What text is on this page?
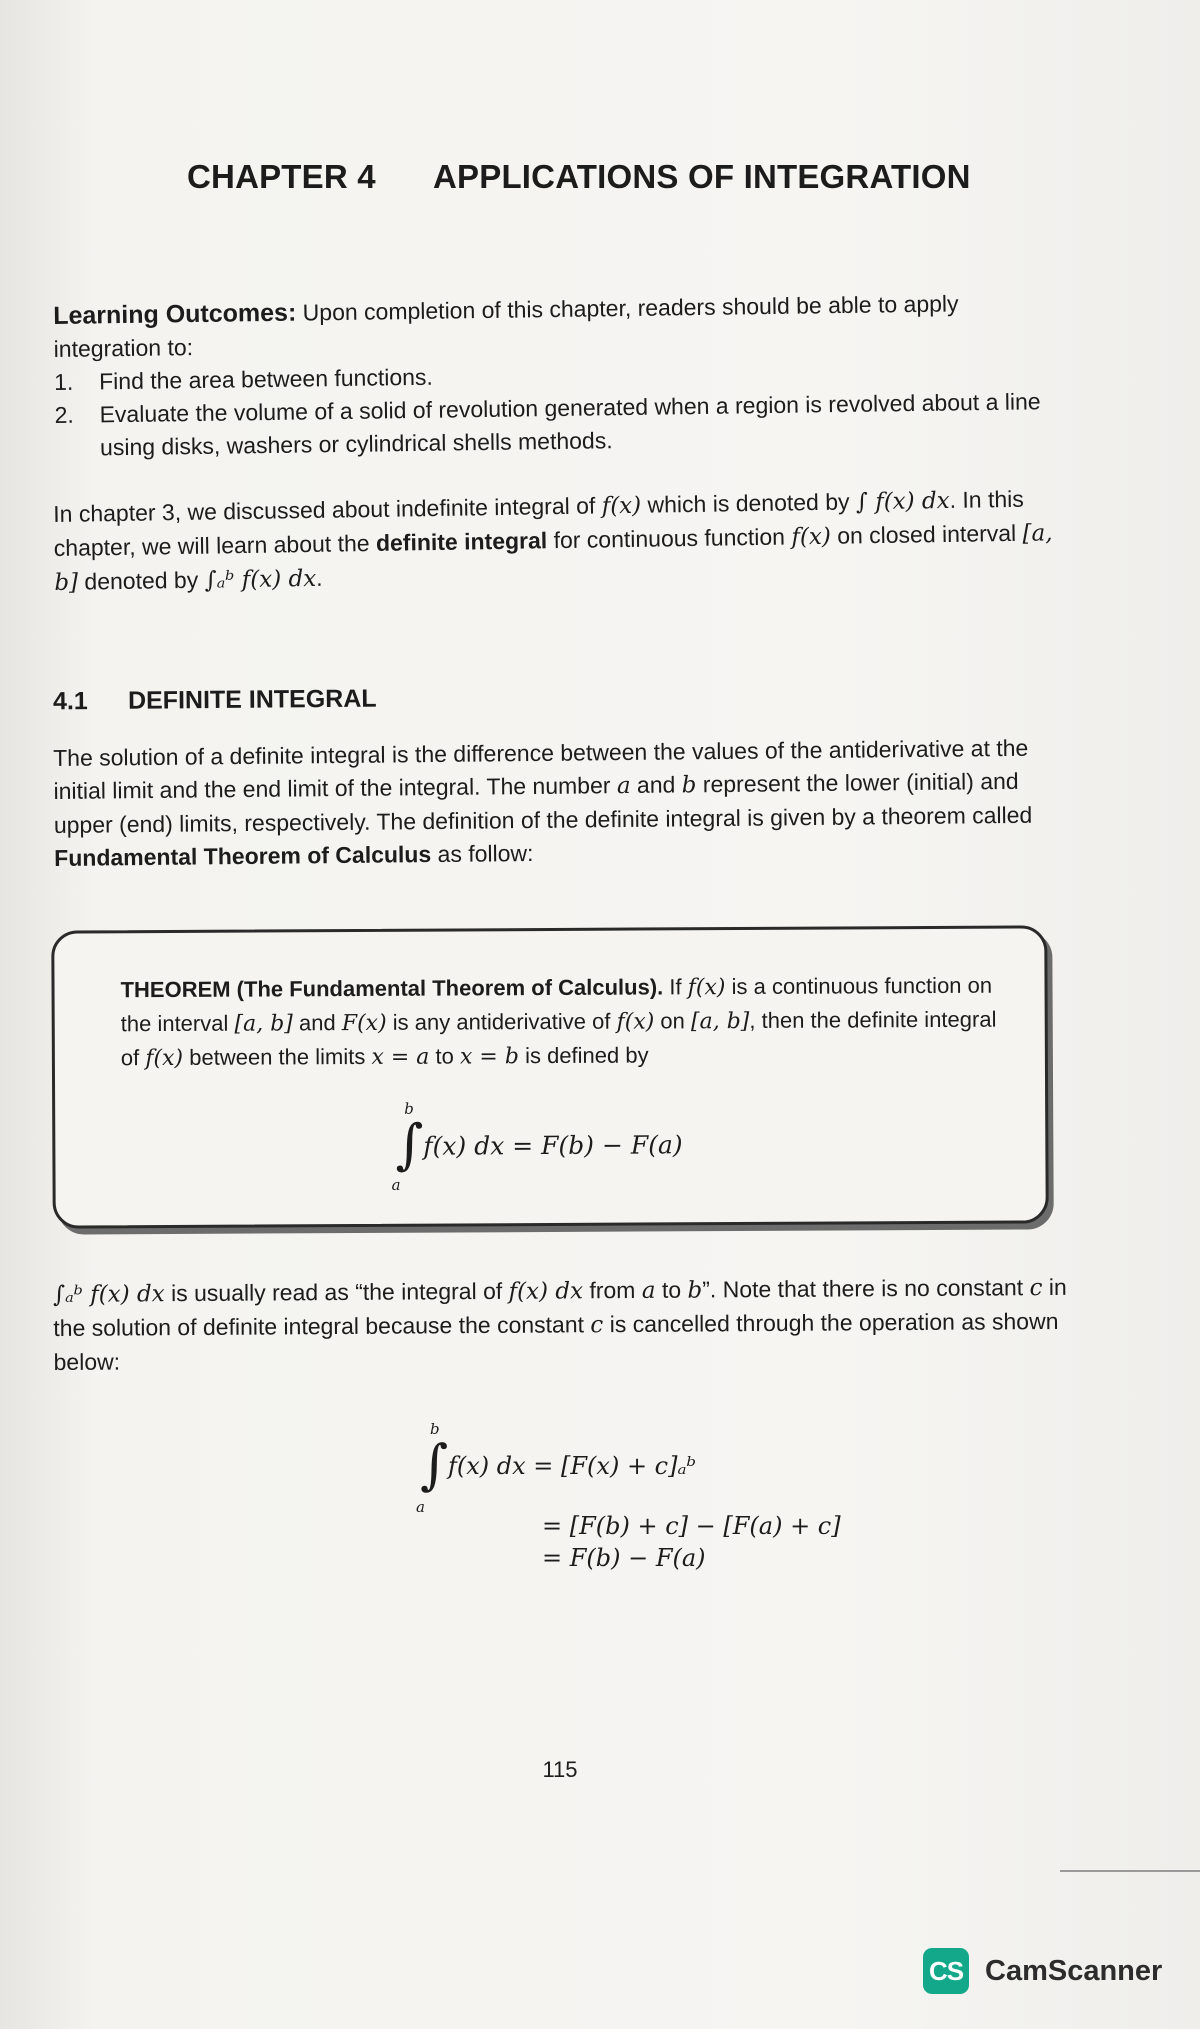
CHAPTER 4 APPLICATIONS OF INTEGRATION
Learning Outcomes: Upon completion of this chapter, readers should be able to apply integration to:
1.	Find the area between functions.
2.	Evaluate the volume of a solid of revolution generated when a region is revolved about a line using disks, washers or cylindrical shells methods.
In chapter 3, we discussed about indefinite integral of f(x) which is denoted by ∫ f(x) dx. In this chapter, we will learn about the definite integral for continuous function f(x) on closed interval [a, b] denoted by ∫ₐᵇ f(x) dx.
4.1 DEFINITE INTEGRAL
The solution of a definite integral is the difference between the values of the antiderivative at the initial limit and the end limit of the integral. The number a and b represent the lower (initial) and upper (end) limits, respectively. The definition of the definite integral is given by a theorem called Fundamental Theorem of Calculus as follow:
THEOREM (The Fundamental Theorem of Calculus). If f(x) is a continuous function on the interval [a, b] and F(x) is any antiderivative of f(x) on [a, b], then the definite integral of f(x) between the limits x = a to x = b is defined by
b
∫
a
f(x) dx = F(b) − F(a)
∫ₐᵇ f(x) dx is usually read as “the integral of f(x) dx from a to b”. Note that there is no constant c in the solution of definite integral because the constant c is cancelled through the operation as shown below:
b
∫
a
f(x) dx = [F(x) + c]ₐᵇ
= [F(b) + c] − [F(a) + c]
= F(b) − F(a)
115
CS CamScanner
